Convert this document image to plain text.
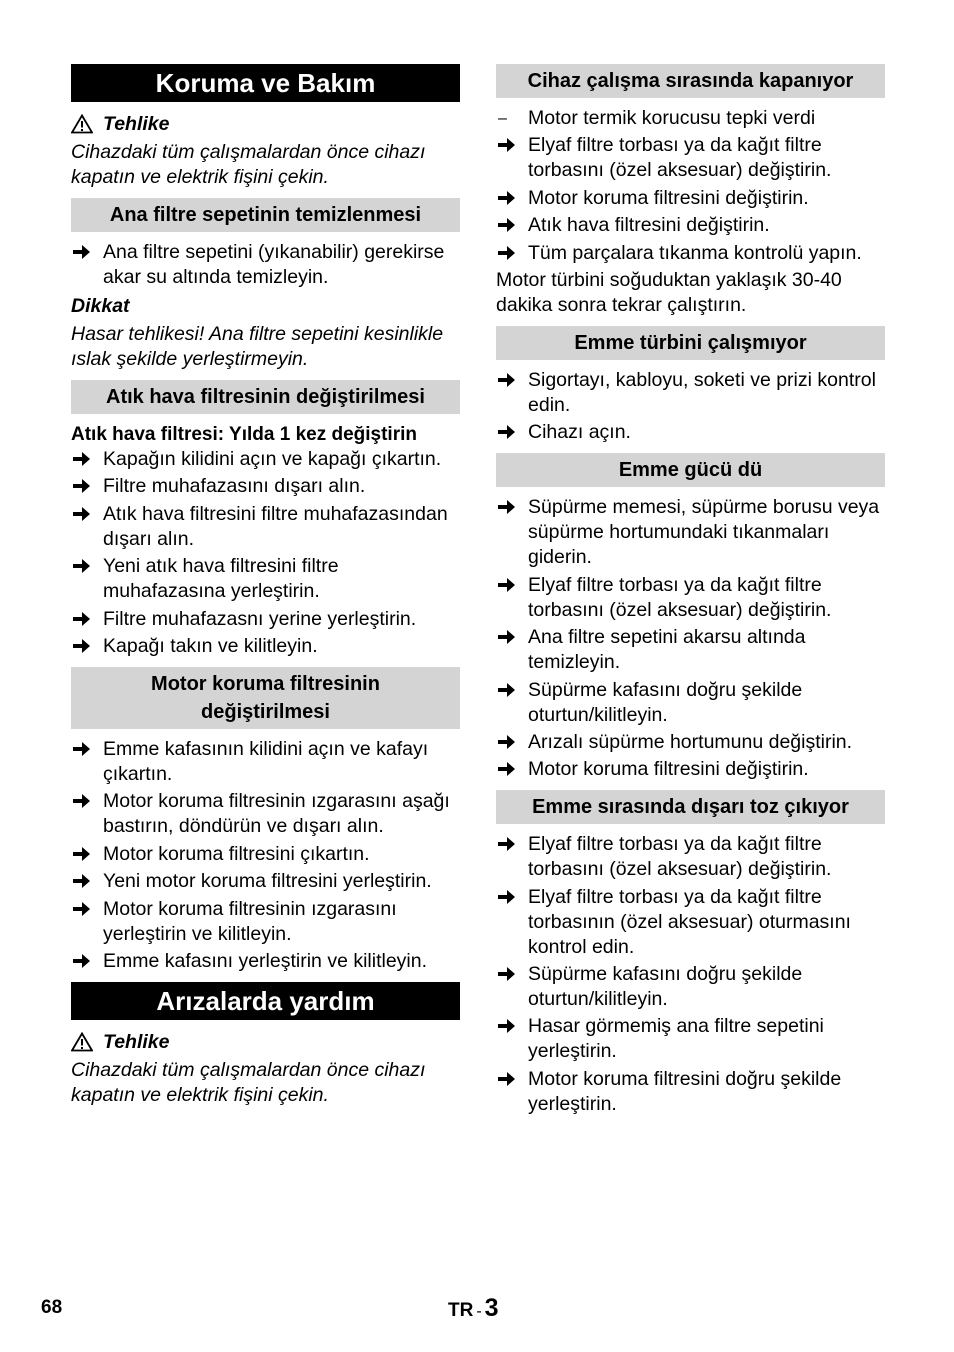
Koruma ve Bakım
Tehlike
Cihazdaki tüm çalışmalardan önce cihazı kapatın ve elektrik fişini çekin.
Ana filtre sepetinin temizlenmesi
Ana filtre sepetini (yıkanabilir) gerekirse akar su altında temizleyin.
Dikkat
Hasar tehlikesi! Ana filtre sepetini kesinlikle ıslak şekilde yerleştirmeyin.
Atık hava filtresinin değiştirilmesi
Atık hava filtresi: Yılda 1 kez değiştirin
Kapağın kilidini açın ve kapağı çıkartın.
Filtre muhafazasını dışarı alın.
Atık hava filtresini filtre muhafazasından dışarı alın.
Yeni atık hava filtresini filtre muhafazasına yerleştirin.
Filtre muhafazasnı yerine yerleştirin.
Kapağı takın ve kilitleyin.
Motor koruma filtresinin
değiştirilmesi
Emme kafasının kilidini açın ve kafayı çıkartın.
Motor koruma filtresinin ızgarasını aşağı bastırın, döndürün ve dışarı alın.
Motor koruma filtresini çıkartın.
Yeni motor koruma filtresini yerleştirin.
Motor koruma filtresinin ızgarasını yerleştirin ve kilitleyin.
Emme kafasını yerleştirin ve kilitleyin.
Arızalarda yardım
Tehlike
Cihazdaki tüm çalışmalardan önce cihazı kapatın ve elektrik fişini çekin.
Cihaz çalışma sırasında kapanıyor
– Motor termik korucusu tepki verdi
Elyaf filtre torbası ya da kağıt filtre torbasını (özel aksesuar) değiştirin.
Motor koruma filtresini değiştirin.
Atık hava filtresini değiştirin.
Tüm parçalara tıkanma kontrolü yapın.
Motor türbini soğuduktan yaklaşık 30-40 dakika sonra tekrar çalıştırın.
Emme türbini çalışmıyor
Sigortayı, kabloyu, soketi ve prizi kontrol edin.
Cihazı açın.
Emme gücü dü
Süpürme memesi, süpürme borusu veya süpürme hortumundaki tıkanmaları giderin.
Elyaf filtre torbası ya da kağıt filtre torbasını (özel aksesuar) değiştirin.
Ana filtre sepetini akarsu altında temizleyin.
Süpürme kafasını doğru şekilde oturtun/kilitleyin.
Arızalı süpürme hortumunu değiştirin.
Motor koruma filtresini değiştirin.
Emme sırasında dışarı toz çıkıyor
Elyaf filtre torbası ya da kağıt filtre torbasını (özel aksesuar) değiştirin.
Elyaf filtre torbası ya da kağıt filtre torbasının (özel aksesuar) oturmasını kontrol edin.
Süpürme kafasını doğru şekilde oturtun/kilitleyin.
Hasar görmemiş ana filtre sepetini yerleştirin.
Motor koruma filtresini doğru şekilde yerleştirin.
68	TR - 3
